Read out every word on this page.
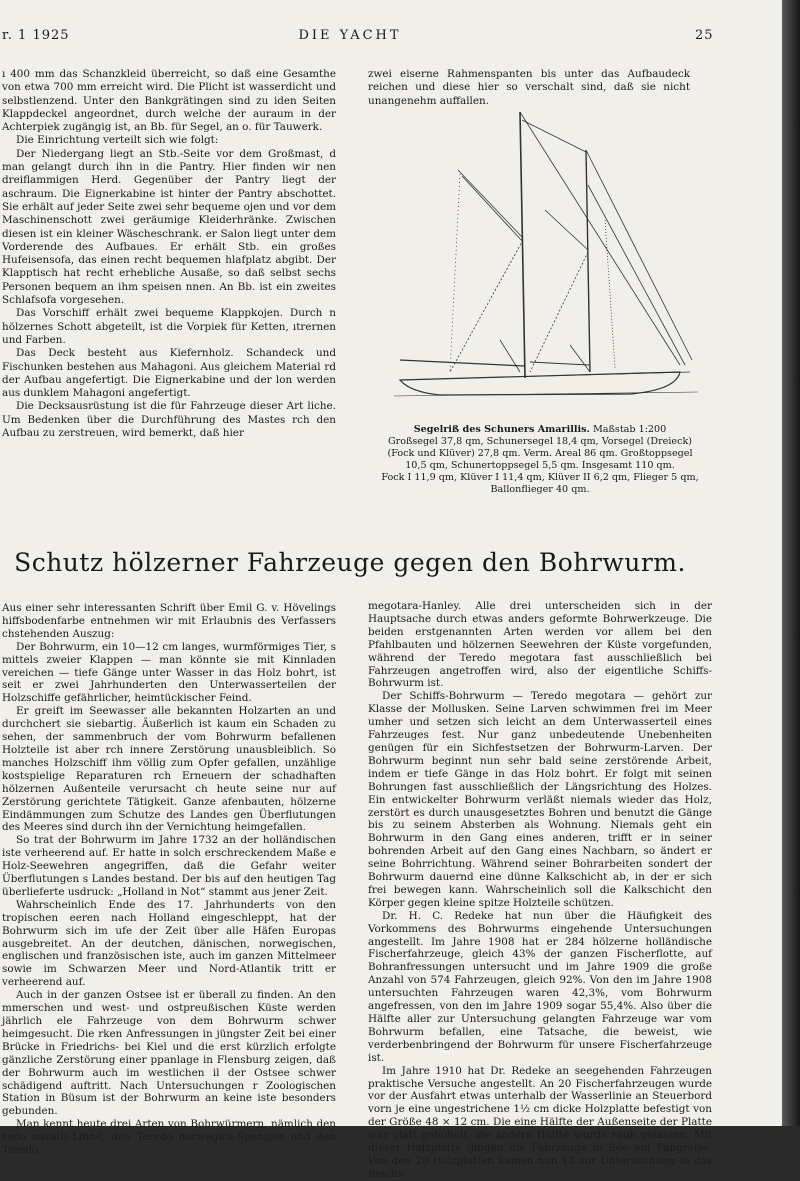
r. 1 1925	DIE YACHT	25

ı 400 mm das Schanzkleid überreicht, so daß eine Gesamthe von etwa 700 mm erreicht wird. Die Plicht ist wasserdicht und selbstlenzend. Unter den Bankgrätingen sind zu iden Seiten Klappdeckel angeordnet, durch welche der auraum in der Achterpiek zugängig ist, an Bb. für Segel, an o. für Tauwerk.

Die Einrichtung verteilt sich wie folgt:

Der Niedergang liegt an Stb.-Seite vor dem Großmast, d man gelangt durch ihn in die Pantry. Hier finden wir nen dreiflammigen Herd. Gegenüber der Pantry liegt der aschraum. Die Eignerkabine ist hinter der Pantry abschottet. Sie erhält auf jeder Seite zwei sehr bequeme ojen und vor dem Maschinenschott zwei geräumige Kleiderhränke. Zwischen diesen ist ein kleiner Wäscheschrank. er Salon liegt unter dem Vorderende des Aufbaues. Er erhält Stb. ein großes Hufeisensofa, das einen recht bequemen hlafplatz abgibt. Der Klapptisch hat recht erhebliche Ausaße, so daß selbst sechs Personen bequem an ihm speisen nnen. An Bb. ist ein zweites Schlafsofa vorgesehen.

Das Vorschiff erhält zwei bequeme Klappkojen. Durch n hölzernes Schott abgeteilt, ist die Vorpiek für Ketten, ıtrernen und Farben.

Das Deck besteht aus Kiefernholz. Schandeck und Fischunken bestehen aus Mahagoni. Aus gleichem Material rd der Aufbau angefertigt. Die Eignerkabine und der lon werden aus dunklem Mahagoni angefertigt.

Die Decksausrüstung ist die für Fahrzeuge dieser Art liche. Um Bedenken über die Durchführung des Mastes rch den Aufbau zu zerstreuen, wird bemerkt, daß hier

zwei eiserne Rahmenspanten bis unter das Aufbaudeck reichen und diese hier so verschalt sind, daß sie nicht unangenehm auffallen.

Segelriß des Schuners Amarillis. Maßstab 1:200
Großsegel 37,8 qm, Schunersegel 18,4 qm, Vorsegel (Dreieck)
(Fock und Klüver) 27,8 qm. Verm. Areal 86 qm. Großtoppsegel
10,5 qm, Schunertoppsegel 5,5 qm. Insgesamt 110 qm.
Fock I 11,9 qm, Klüver I 11,4 qm, Klüver II 6,2 qm, Flieger 5 qm,
Ballonflieger 40 qm.
Schutz hölzerner Fahrzeuge gegen den Bohrwurm.

Aus einer sehr interessanten Schrift über Emil G. v. Hövelings hiffsbodenfarbe entnehmen wir mit Erlaubnis des Verfassers chstehenden Auszug:

Der Bohrwurm, ein 10—12 cm langes, wurmförmiges Tier, s mittels zweier Klappen — man könnte sie mit Kinnladen vereichen — tiefe Gänge unter Wasser in das Holz bohrt, ist seit er zwei Jahrhunderten den Unterwasserteilen der Holzschiffe gefährlicher, heimtückischer Feind.

Er greift im Seewasser alle bekannten Holzarten an und durchchert sie siebartig. Äußerlich ist kaum ein Schaden zu sehen, der sammenbruch der vom Bohrwurm befallenen Holzteile ist aber rch innere Zerstörung unausbleiblich. So manches Holzschiff ihm völlig zum Opfer gefallen, unzählige kostspielige Reparaturen rch Erneuern der schadhaften hölzernen Außenteile verursacht ch heute seine nur auf Zerstörung gerichtete Tätigkeit. Ganze afenbauten, hölzerne Eindämmungen zum Schutze des Landes gen Überflutungen des Meeres sind durch ihn der Vernichtung heimgefallen.

So trat der Bohrwurm im Jahre 1732 an der holländischen iste verheerend auf. Er hatte in solch erschreckendem Maße e Holz-Seewehren angegriffen, daß die Gefahr weiter Überflutungen s Landes bestand. Der bis auf den heutigen Tag überlieferte usdruck: „Holland in Not“ stammt aus jener Zeit.

Wahrscheinlich Ende des 17. Jahrhunderts von den tropischen eeren nach Holland eingeschleppt, hat der Bohrwurm sich im ufe der Zeit über alle Häfen Europas ausgebreitet. An der deutchen, dänischen, norwegischen, englischen und französischen iste, auch im ganzen Mittelmeer sowie im Schwarzen Meer und Nord-Atlantik tritt er verheerend auf.

Auch in der ganzen Ostsee ist er überall zu finden. An den mmerschen und west- und ostpreußischen Küste werden jährlich ele Fahrzeuge von dem Bohrwurm schwer heimgesucht. Die rken Anfressungen in jüngster Zeit bei einer Brücke in Friedrichs- bei Kiel und die erst kürzlich erfolgte gänzliche Zerstörung einer ppanlage in Flensburg zeigen, daß der Bohrwurm auch im westlichen il der Ostsee schwer schädigend auftritt. Nach Untersuchungen r Zoologischen Station in Büsum ist der Bohrwurm an keine iste besonders gebunden.

Man kennt heute drei Arten von Bohrwürmern, nämlich den redo navalis-Linné, den Teredo norwegica-Spengler und den Teredo

megotara-Hanley. Alle drei unterscheiden sich in der Hauptsache durch etwas anders geformte Bohrwerkzeuge. Die beiden erstgenannten Arten werden vor allem bei den Pfahlbauten und hölzernen Seewehren der Küste vorgefunden, während der Teredo megotara fast ausschließlich bei Fahrzeugen angetroffen wird, also der eigentliche Schiffs-Bohrwurm ist.

Der Schiffs-Bohrwurm — Teredo megotara — gehört zur Klasse der Mollusken. Seine Larven schwimmen frei im Meer umher und setzen sich leicht an dem Unterwasserteil eines Fahrzeuges fest. Nur ganz unbedeutende Unebenheiten genügen für ein Sichfestsetzen der Bohrwurm-Larven. Der Bohrwurm beginnt nun sehr bald seine zerstörende Arbeit, indem er tiefe Gänge in das Holz bohrt. Er folgt mit seinen Bohrungen fast ausschließlich der Längsrichtung des Holzes. Ein entwickelter Bohrwurm verläßt niemals wieder das Holz, zerstört es durch unausgesetztes Bohren und benutzt die Gänge bis zu seinem Absterben als Wohnung. Niemals geht ein Bohrwurm in den Gang eines anderen, trifft er in seiner bohrenden Arbeit auf den Gang eines Nachbarn, so ändert er seine Bohrrichtung. Während seiner Bohrarbeiten sondert der Bohrwurm dauernd eine dünne Kalkschicht ab, in der er sich frei bewegen kann. Wahrscheinlich soll die Kalkschicht den Körper gegen kleine spitze Holzteile schützen.

Dr. H. C. Redeke hat nun über die Häufigkeit des Vorkommens des Bohrwurms eingehende Untersuchungen angestellt. Im Jahre 1908 hat er 284 hölzerne holländische Fischerfahrzeuge, gleich 43% der ganzen Fischerflotte, auf Bohranfressungen untersucht und im Jahre 1909 die große Anzahl von 574 Fahrzeugen, gleich 92%. Von den im Jahre 1908 untersuchten Fahrzeugen waren 42,3%, vom Bohrwurm angefressen, von den im Jahre 1909 sogar 55,4%. Also über die Hälfte aller zur Untersuchung gelangten Fahrzeuge war vom Bohrwurm befallen, eine Tatsache, die beweist, wie verderbenbringend der Bohrwurm für unsere Fischerfahrzeuge ist.

Im Jahre 1910 hat Dr. Redeke an seegehenden Fahrzeugen praktische Versuche angestellt. An 20 Fischerfahrzeugen wurde vor der Ausfahrt etwas unterhalb der Wasserlinie an Steuerbord vorn je eine ungestrichene 1½ cm dicke Holzplatte befestigt von der Größe 48 × 12 cm. Die eine Hälfte der Außenseite der Platte war glatt gehobelt, die andere Hälfte wurde rauh gelassen. Mit dieser Holzplatte gingen die Fahrzeuge in See auf Fangreise. Von den 20 Holzplatten kamen nun 13 zur Untersuchung in das Reichs-
